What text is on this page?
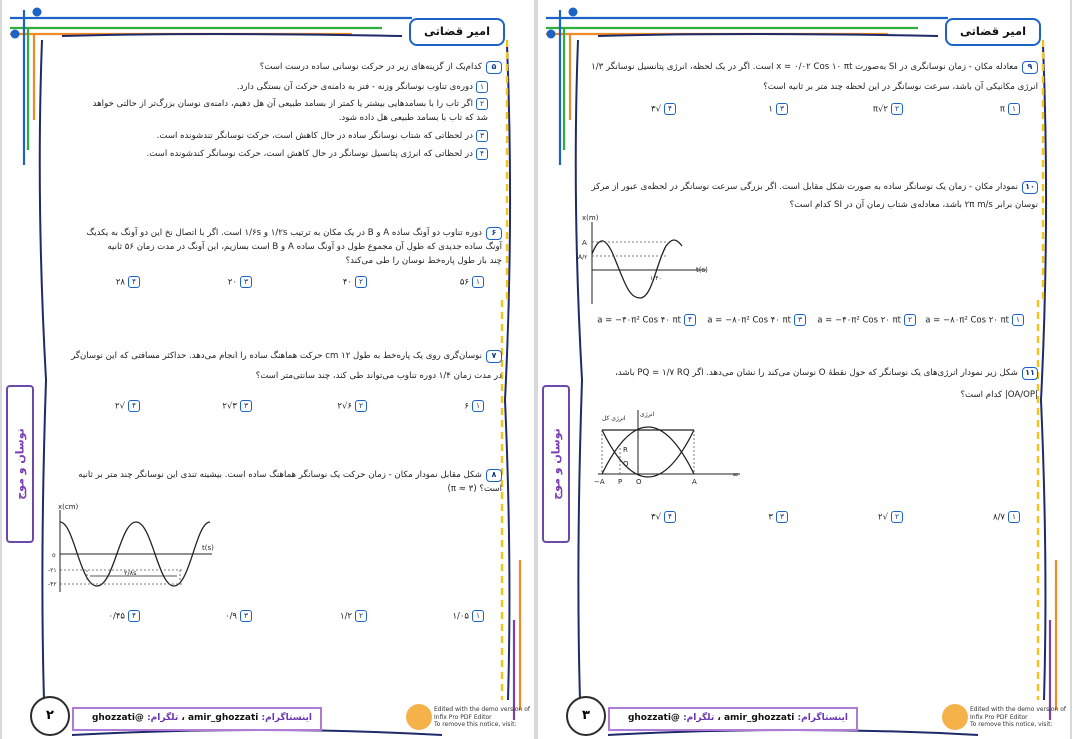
امیر قضاتی
نوسان و موج
۵کدام‌یک از گزینه‌های زیر در حرکت نوسانی ساده درست است؟
۱دوره‌ی تناوب نوسانگر وزنه - فنر به دامنه‌ی حرکت آن بستگی دارد.
۲اگر تاب را با بسامدهایی بیشتر یا کمتر از بسامد طبیعی آن هل دهیم، دامنه‌ی نوسان بزرگ‌تر از حالتی خواهد
شد که تاب با بسامد طبیعی هل داده شود.
۳در لحظاتی که شتاب نوسانگر ساده در حال کاهش است، حرکت نوسانگر تندشونده است.
۴در لحظاتی که انرژی پتانسیل نوسانگر در حال کاهش است، حرکت نوسانگر کندشونده است.
۶دوره تناوب دو آونگ ساده A و B در یک مکان به ترتیب ۱/۲s و ۱/۶s است. اگر با اتصال نخ این دو آونگ به یکدیگ
آونگ ساده جدیدی که طول آن مجموع طول دو آونگ ساده A و B است بسازیم، این آونگ در مدت زمان ۵۶ ثانیه
چند بار طول پاره‌خط نوسان را طی می‌کند؟
۱۵۶
۲۴۰
۳۲۰
۴۲۸
۷نوسان‌گری روی یک پاره‌خط به طول ۱۲ cm حرکت هماهنگ ساده را انجام می‌دهد. حداکثر مسافتی که این نوسان‌گر
در مدت زمان ۱/۴ دوره تناوب می‌تواند طی کند، چند سانتی‌متر است؟
۱۶
۲۶√۲
۳۳√۲
۴√۲
۸شکل مقابل نمودار مکان - زمان حرکت یک نوسانگر هماهنگ ساده است. بیشینه تندی این نوسانگر چند متر بر ثانیه
است؟ (π ≈ ۳)
x(cm)
t(s)
o
-۲۱
-۴۲
۲/۸s
۱۱/۰۵
۲۱/۲
۳۰/۹
۴۰/۴۵
۲	اینستاگرام: amir_ghozzati ، تلگرام: @ghozzati
Edited with the demo version of
Infix Pro PDF Editor
To remove this notice, visit:
امیر قضاتی
نوسان و موج
۹معادله مکان - زمان نوسانگری در SI به‌صورت x = ۰/۰۲ Cos ۱۰ πt است. اگر در یک لحظه، انرژی پتانسیل نوسانگر ۱/۳
انرژی مکانیکی آن باشد، سرعت نوسانگر در این لحظه چند متر بر ثانیه است؟
۱π
۲π√۲
۳۱
۴√۳
۱۰نمودار مکان - زمان یک نوسانگر ساده به صورت شکل مقابل است. اگر بزرگی سرعت نوسانگر در لحظه‌ی عبور از مرکز
نوسان برابر ۲π m/s باشد، معادله‌ی شتاب زمان آن در SI کدام است؟
x(m)
t(s)
A
A/۲
۱/۴۰
۱a = −۸۰π² Cos ۲۰ πt
۲a = −۴۰π² Cos ۲۰ πt
۳a = −۸۰π² Cos ۴۰ πt
۴a = −۴۰π² Cos ۴۰ πt
۱۱شکل زیر نمودار انرژی‌های یک نوسانگر که حول نقطهٔ O نوسان می‌کند را نشان می‌دهد. اگر PQ = ۱/۷ RQ باشد،
|OA/OP| کدام است؟
انرژی
انرژی کل
R
Q
−A P O	A
∞
۱۸/۷
۲√۲
۳۳
۴√۳
۳	اینستاگرام: amir_ghozzati ، تلگرام: @ghozzati
Edited with the demo version of
Infix Pro PDF Editor
To remove this notice, visit:
